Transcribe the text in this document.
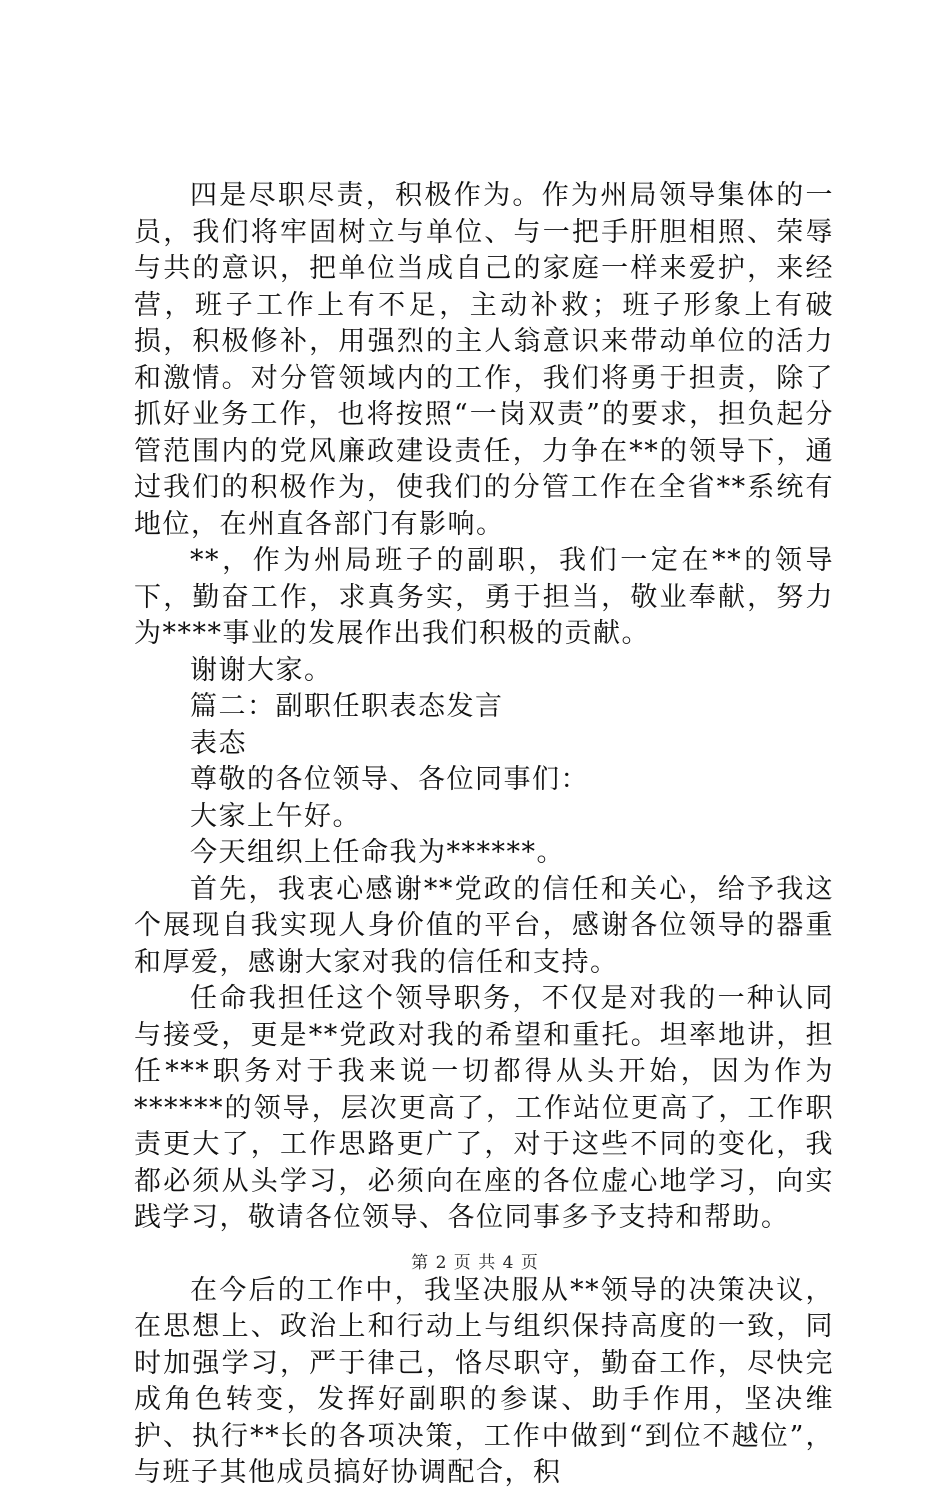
四是尽职尽责，积极作为。作为州局领导集体的一员，我们将牢固树立与单位、与一把手肝胆相照、荣辱与共的意识，把单位当成自己的家庭一样来爱护，来经营，班子工作上有不足，主动补救；班子形象上有破损，积极修补，用强烈的主人翁意识来带动单位的活力和激情。对分管领域内的工作，我们将勇于担责，除了抓好业务工作，也将按照“一岗双责”的要求，担负起分管范围内的党风廉政建设责任，力争在**的领导下，通过我们的积极作为，使我们的分管工作在全省**系统有地位，在州直各部门有影响。

**，作为州局班子的副职，我们一定在**的领导下，勤奋工作，求真务实，勇于担当，敬业奉献，努力为****事业的发展作出我们积极的贡献。

谢谢大家。

篇二：副职任职表态发言

表态

尊敬的各位领导、各位同事们：

大家上午好。

今天组织上任命我为******。

首先，我衷心感谢**党政的信任和关心，给予我这个展现自我实现人身价值的平台，感谢各位领导的器重和厚爱，感谢大家对我的信任和支持。

任命我担任这个领导职务，不仅是对我的一种认同与接受，更是**党政对我的希望和重托。坦率地讲，担任***职务对于我来说一切都得从头开始，因为作为******的领导，层次更高了，工作站位更高了，工作职责更大了，工作思路更广了，对于这些不同的变化，我都必须从头学习，必须向在座的各位虚心地学习，向实践学习，敬请各位领导、各位同事多予支持和帮助。

在今后的工作中，我坚决服从**领导的决策决议，在思想上、政治上和行动上与组织保持高度的一致，同时加强学习，严于律己，恪尽职守，勤奋工作，尽快完成角色转变，发挥好副职的参谋、助手作用，坚决维护、执行**长的各项决策，工作中做到“到位不越位”，与班子其他成员搞好协调配合，积

第 2 页 共 4 页
